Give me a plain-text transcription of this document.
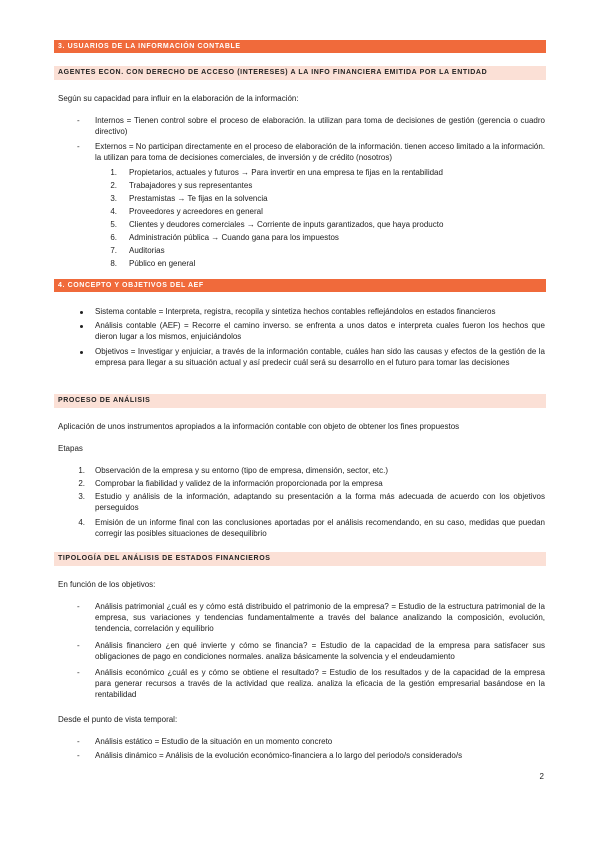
3. USUARIOS DE LA INFORMACIÓN CONTABLE
AGENTES ECON. CON DERECHO DE ACCESO (INTERESES) A LA INFO FINANCIERA EMITIDA POR LA ENTIDAD
Según su capacidad para influir en la elaboración de la información:
- Internos = Tienen control sobre el proceso de elaboración. la utilizan para toma de decisiones de gestión (gerencia o cuadro directivo)
- Externos = No participan directamente en el proceso de elaboración de la información. tienen acceso limitado a la información. la utilizan para toma de decisiones comerciales, de inversión y de crédito (nosotros)
1. Propietarios, actuales y futuros → Para invertir en una empresa te fijas en la rentabilidad
2. Trabajadores y sus representantes
3. Prestamistas → Te fijas en la solvencia
4. Proveedores y acreedores en general
5. Clientes y deudores comerciales → Corriente de inputs garantizados, que haya producto
6. Administración pública → Cuando gana para los impuestos
7. Auditorias
8. Público en general
4. CONCEPTO Y OBJETIVOS DEL AEF
Sistema contable = Interpreta, registra, recopila y sintetiza hechos contables reflejándolos en estados financieros
Análisis contable (AEF) = Recorre el camino inverso. se enfrenta a unos datos e interpreta cuales fueron los hechos que dieron lugar a los mismos, enjuiciándolos
Objetivos = Investigar y enjuiciar, a través de la información contable, cuáles han sido las causas y efectos de la gestión de la empresa para llegar a su situación actual y así predecir cuál será su desarrollo en el futuro para tomar las decisiones
PROCESO DE ANÁLISIS
Aplicación de unos instrumentos apropiados a la información contable con objeto de obtener los fines propuestos
Etapas
1. Observación de la empresa y su entorno (tipo de empresa, dimensión, sector, etc.)
2. Comprobar la fiabilidad y validez de la información proporcionada por la empresa
3. Estudio y análisis de la información, adaptando su presentación a la forma más adecuada de acuerdo con los objetivos perseguidos
4. Emisión de un informe final con las conclusiones aportadas por el análisis recomendando, en su caso, medidas que puedan corregir las posibles situaciones de desequilibrio
TIPOLOGÍA DEL ANÁLISIS DE ESTADOS FINANCIEROS
En función de los objetivos:
- Análisis patrimonial ¿cuál es y cómo está distribuido el patrimonio de la empresa? = Estudio de la estructura patrimonial de la empresa, sus variaciones y tendencias fundamentalmente a través del balance analizando la composición, evolución, tendencia, correlación y equilibrio
- Análisis financiero ¿en qué invierte y cómo se financia? = Estudio de la capacidad de la empresa para satisfacer sus obligaciones de pago en condiciones normales. analiza básicamente la solvencia y el endeudamiento
- Análisis económico ¿cuál es y cómo se obtiene el resultado? = Estudio de los resultados y de la capacidad de la empresa para generar recursos a través de la actividad que realiza. analiza la eficacia de la gestión empresarial basándose en la rentabilidad
Desde el punto de vista temporal:
- Análisis estático = Estudio de la situación en un momento concreto
- Análisis dinámico = Análisis de la evolución económico-financiera a lo largo del periodo/s considerado/s
2
